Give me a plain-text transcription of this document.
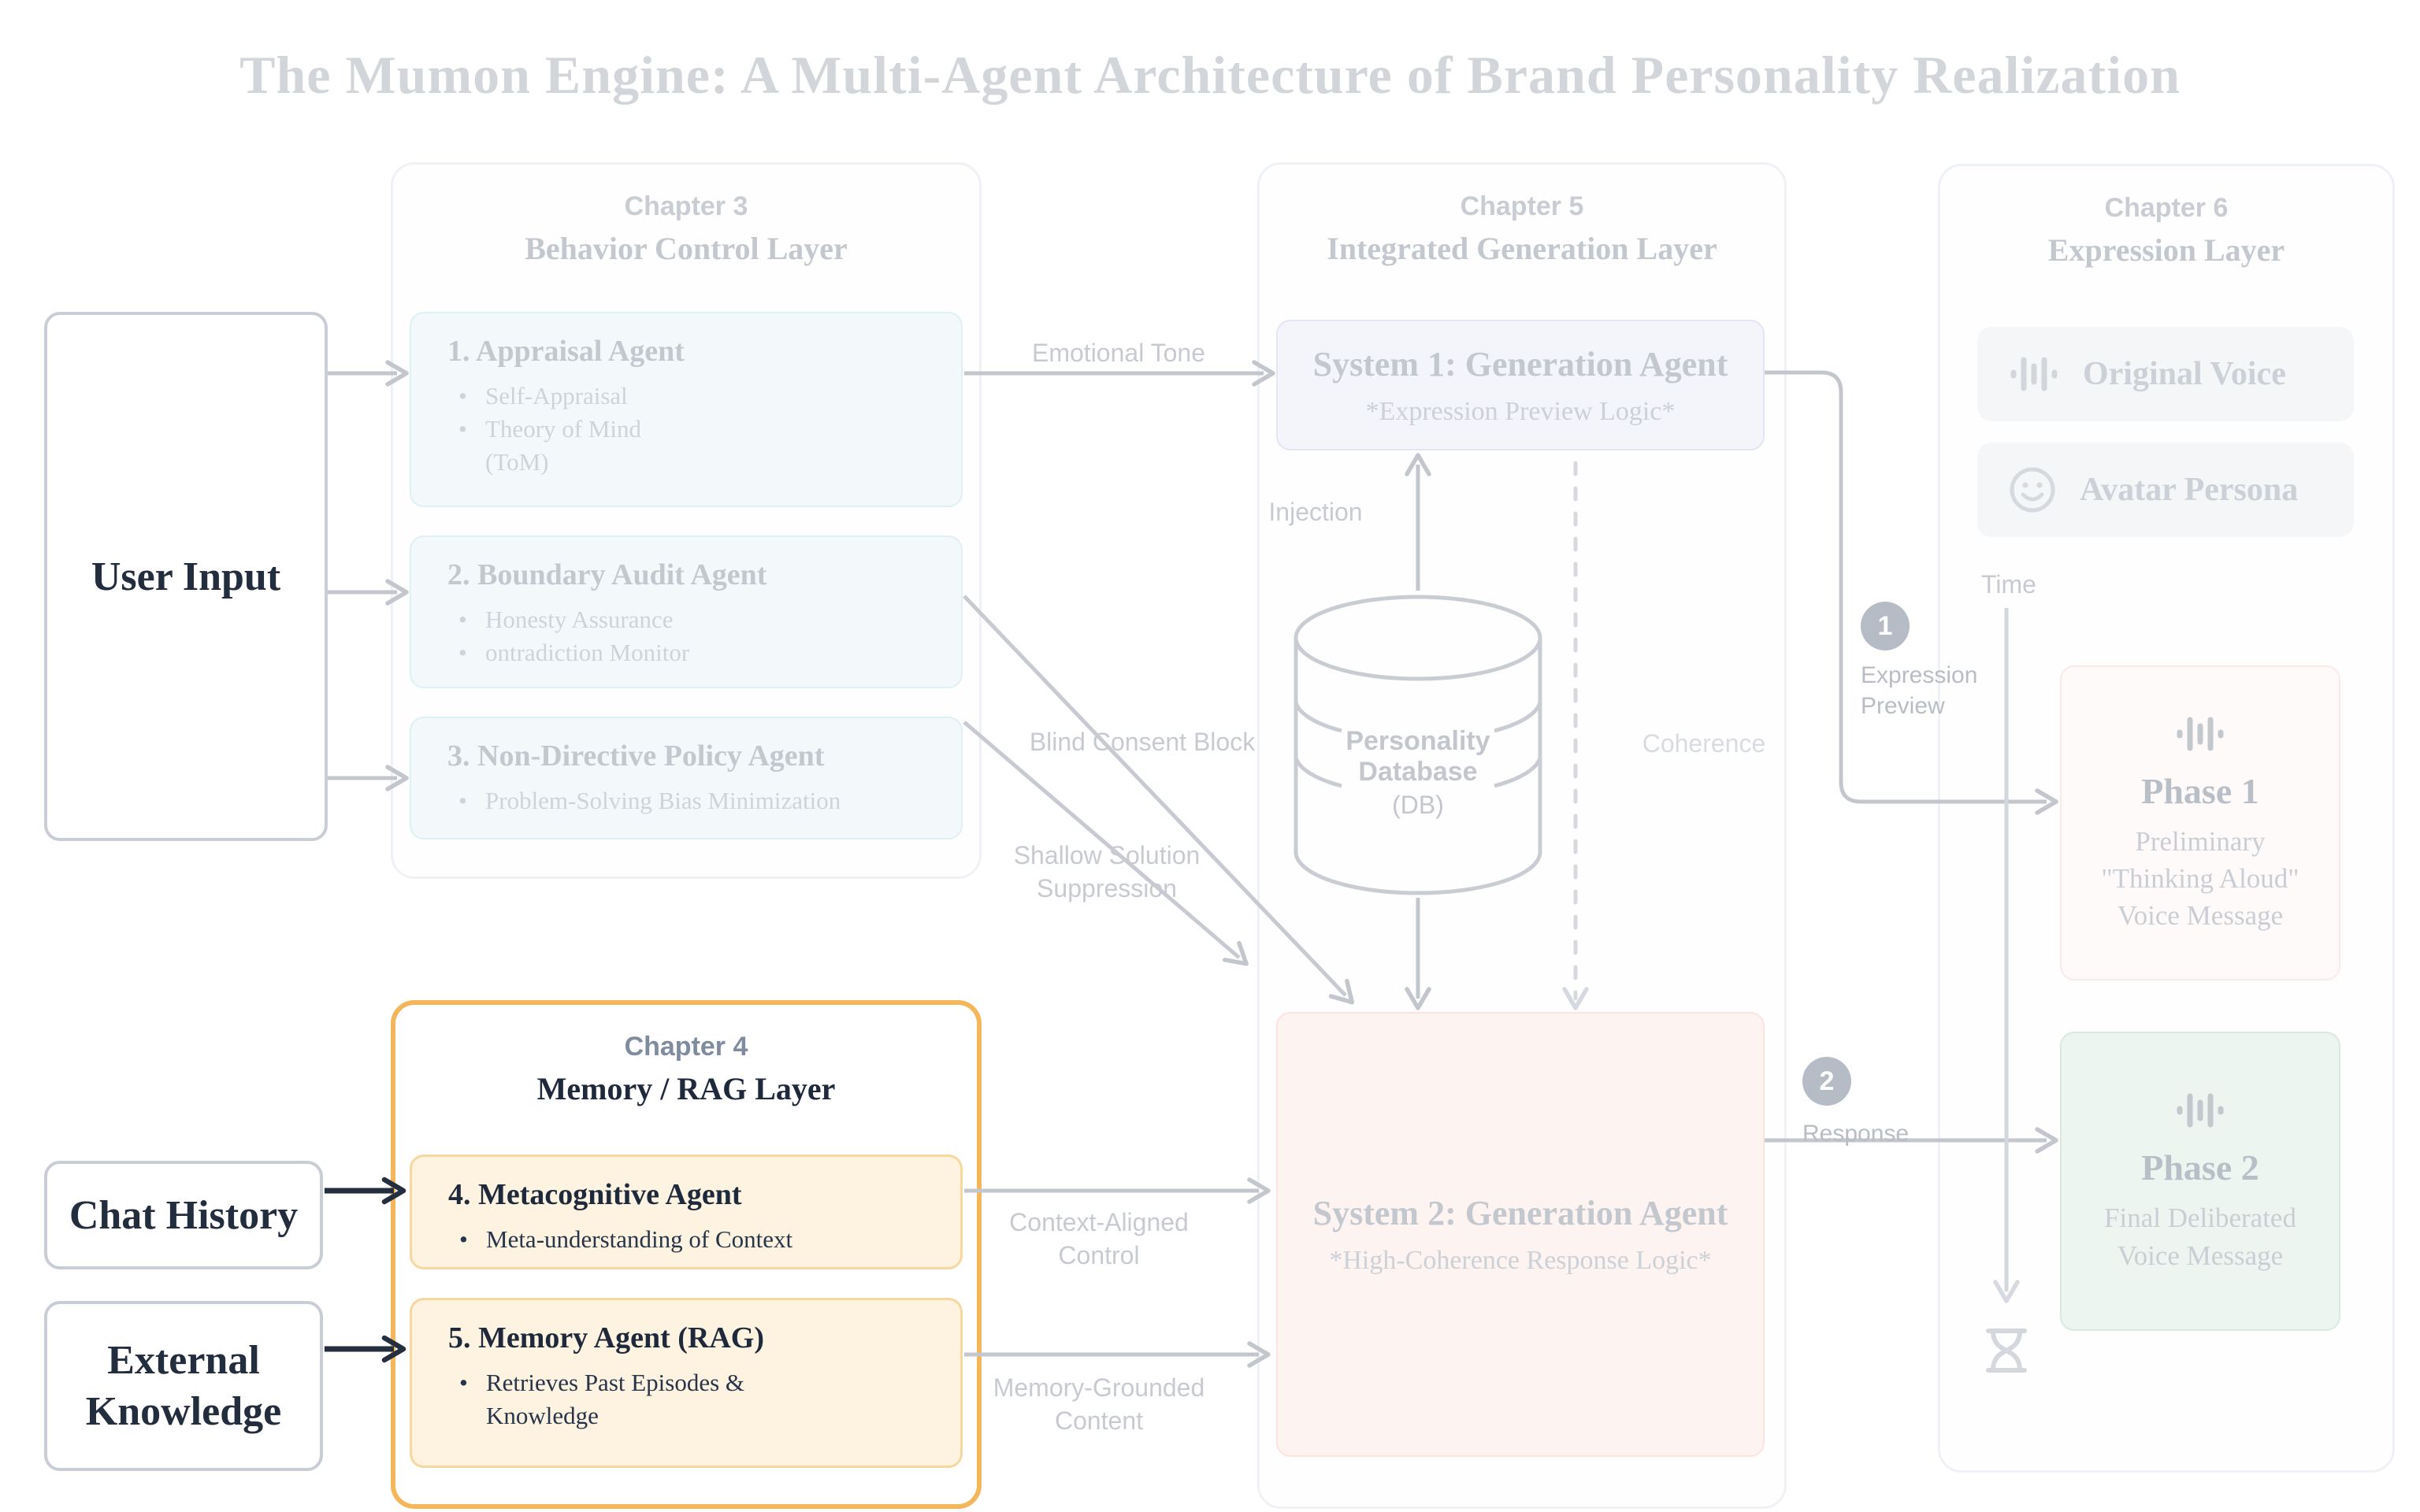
The Mumon Engine: A Multi-Agent Architecture of Brand Personality Realization
Chapter 3
Behavior Control Layer
Chapter 4
Memory / RAG Layer
Chapter 5
Integrated Generation Layer
Chapter 6
Expression Layer
1. Appraisal Agent
• Self-Appraisal
• Theory of Mind (ToM)
2. Boundary Audit Agent
• Honesty Assurance
• ontradiction Monitor
3. Non-Directive Policy Agent
• Problem-Solving Bias Minimization
4. Metacognitive Agent
• Meta-understanding of Context
5. Memory Agent (RAG)
• Retrieves Past Episodes & Knowledge
User Input
Chat History
External Knowledge
System 1: Generation Agent
*Expression Preview Logic*
Personality
Database
(DB)
System 2: Generation Agent
*High-Coherence Response Logic*
Original Voice
Avatar Persona
Time
Phase 1
Preliminary "Thinking Aloud" Voice Message
Phase 2
Final Deliberated Voice Message
Emotional Tone
Injection
Coherence
Blind Consent Block
Shallow Solution Suppression
Context-Aligned Control
Memory-Grounded Content
1
Expression Preview
2
Response
